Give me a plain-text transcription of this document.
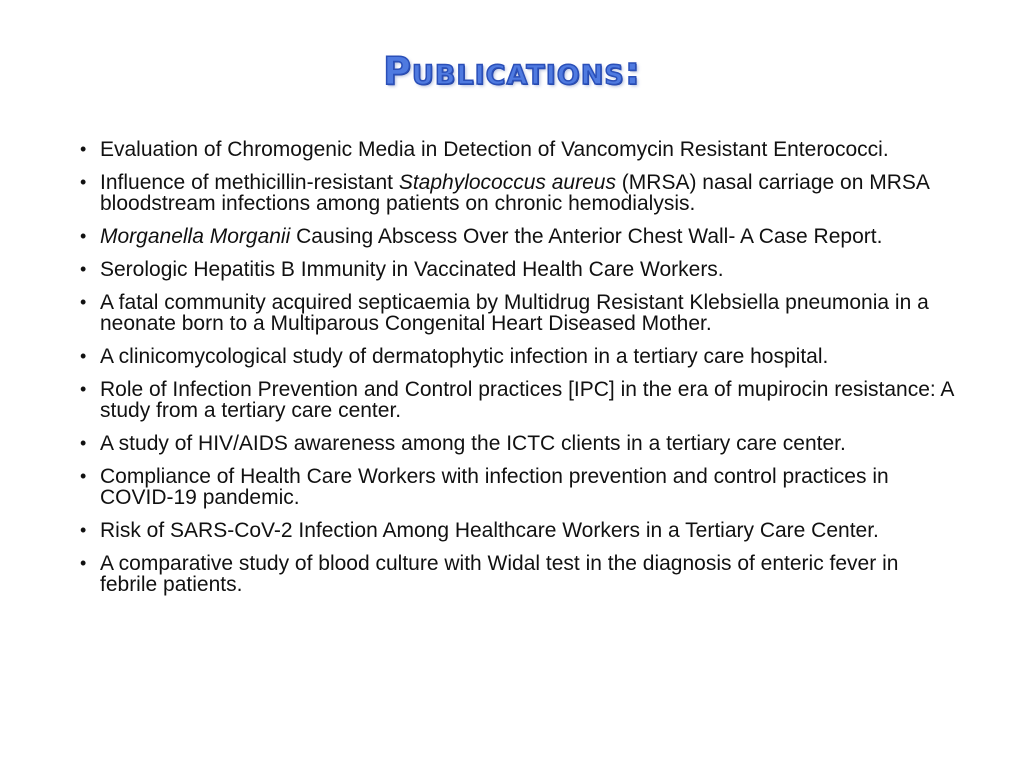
Publications:
• Evaluation of Chromogenic Media in Detection of Vancomycin Resistant Enterococci.
• Influence of methicillin-resistant Staphylococcus aureus (MRSA) nasal carriage on MRSA bloodstream infections among patients on chronic hemodialysis.
• Morganella Morganii Causing Abscess Over the Anterior Chest Wall- A Case Report.
• Serologic Hepatitis B Immunity in Vaccinated Health Care Workers.
• A fatal community acquired septicaemia by Multidrug Resistant Klebsiella pneumonia in a neonate born to a Multiparous Congenital Heart Diseased Mother.
• A clinicomycological study of dermatophytic infection in a tertiary care hospital.
• Role of Infection Prevention and Control practices [IPC] in the era of mupirocin resistance: A study from a tertiary care center.
• A study of HIV/AIDS awareness among the ICTC clients in a tertiary care center.
• Compliance of Health Care Workers with infection prevention and control practices in COVID-19 pandemic.
• Risk of SARS-CoV-2 Infection Among Healthcare Workers in a Tertiary Care Center.
• A comparative study of blood culture with Widal test in the diagnosis of enteric fever in febrile patients.
